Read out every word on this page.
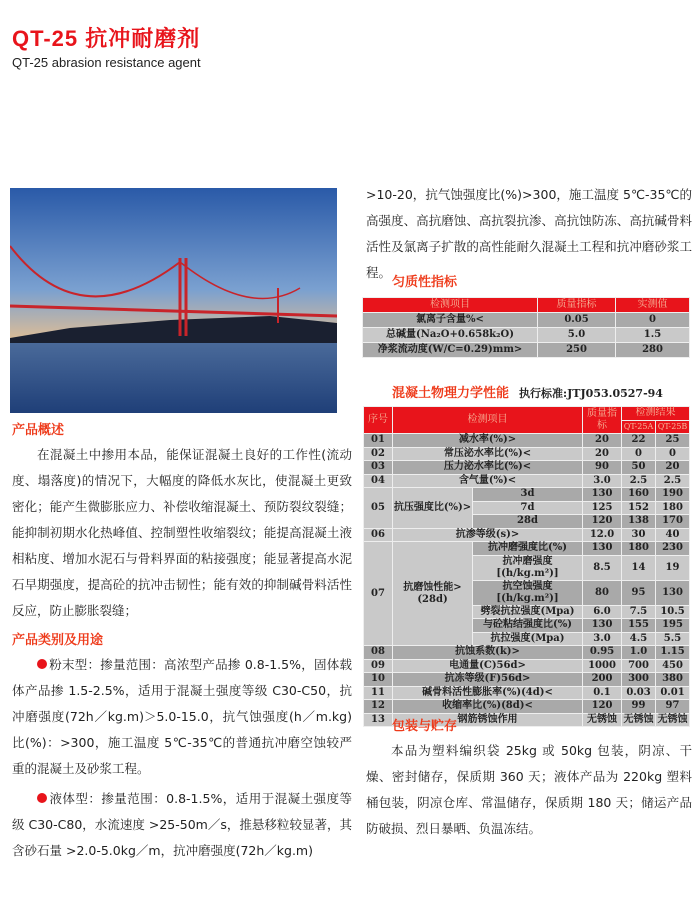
QT-25 抗冲耐磨剂
QT-25 abrasion resistance agent
产品概述

在混凝土中掺用本品，能保证混凝土良好的工作性(流动度、塌落度)的情况下，大幅度的降低水灰比，使混凝土更致密化；能产生微膨胀应力、补偿收缩混凝土、预防裂纹裂缝；能抑制初期水化热峰值、控制塑性收缩裂纹；能提高混凝土液相粘度、增加水泥石与骨料界面的粘接强度；能显著提高水泥石早期强度，提高砼的抗冲击韧性；能有效的抑制碱骨料活性反应，防止膨胀裂缝；

产品类别及用途

粉末型：掺量范围：高浓型产品掺 0.8-1.5%，固体载体产品掺 1.5-2.5%，适用于混凝土强度等级 C30-C50，抗冲磨强度(72h／kg.m)＞5.0-15.0，抗气蚀强度(h／m.kg)比(%)：>300，施工温度 5℃-35℃的普通抗冲磨空蚀较严重的混凝土及砂浆工程。

液体型：掺量范围：0.8-1.5%，适用于混凝土强度等级 C30-C80，水流速度 >25-50m／s，推悬移粒较显著，其含砂石量 >2.0-5.0kg／m，抗冲磨强度(72h／kg.m)

>10-20，抗气蚀强度比(%)>300，施工温度 5℃-35℃的高强度、高抗磨蚀、高抗裂抗渗、高抗蚀防冻、高抗碱骨料活性及氯离子扩散的高性能耐久混凝土工程和抗冲磨砂浆工程。

匀质性指标
检测项目	质量指标	实测值
氯离子含量%<	0.05	0
总碱量(Na₂O+0.658k₂O)	5.0	1.5
净浆流动度(W/C=0.29)mm>	250	280
混凝土物理力学性能 执行标准:JTJ053.0527-94
序号	检测项目		质量指标	检测结果	
				QT-25A	QT-25B
01	减水率(%)>		20	22	25
02	常压泌水率比(%)<		20	0	0
03	压力泌水率比(%)<		90	50	20
04	含气量(%)<		3.0	2.5	2.5
05	抗压强度比(%)>	3d	130	160	190
		7d	125	152	180
		28d	120	138	170
06	抗渗等级(s)>		12.0	30	40
07	抗磨蚀性能>(28d)	抗冲磨强度比(%)	130	180	230
		抗冲磨强度[(h/kg.m²)]	8.5	14	19
		抗空蚀强度[(h/kg.m²)]	80	95	130
		劈裂抗拉强度(Mpa)	6.0	7.5	10.5
		与砼粘结强度比(%)	130	155	195
		抗拉强度(Mpa)	3.0	4.5	5.5
08	抗蚀系数(k)>		0.95	1.0	1.15
09	电通量(C)56d>		1000	700	450
10	抗冻等级(F)56d>		200	300	380
11	碱骨料活性膨胀率(%)(4d)<		0.1	0.03	0.01
12	收缩率比(%)(8d)<		120	99	97
13	钢筋锈蚀作用		无锈蚀	无锈蚀	无锈蚀
包装与贮存

本品为塑料编织袋 25kg 或 50kg 包装，阴凉、干燥、密封储存，保质期 360 天；液体产品为 220kg 塑料桶包装，阴凉仓库、常温储存，保质期 180 天；储运产品防破损、烈日暴晒、负温冻结。
